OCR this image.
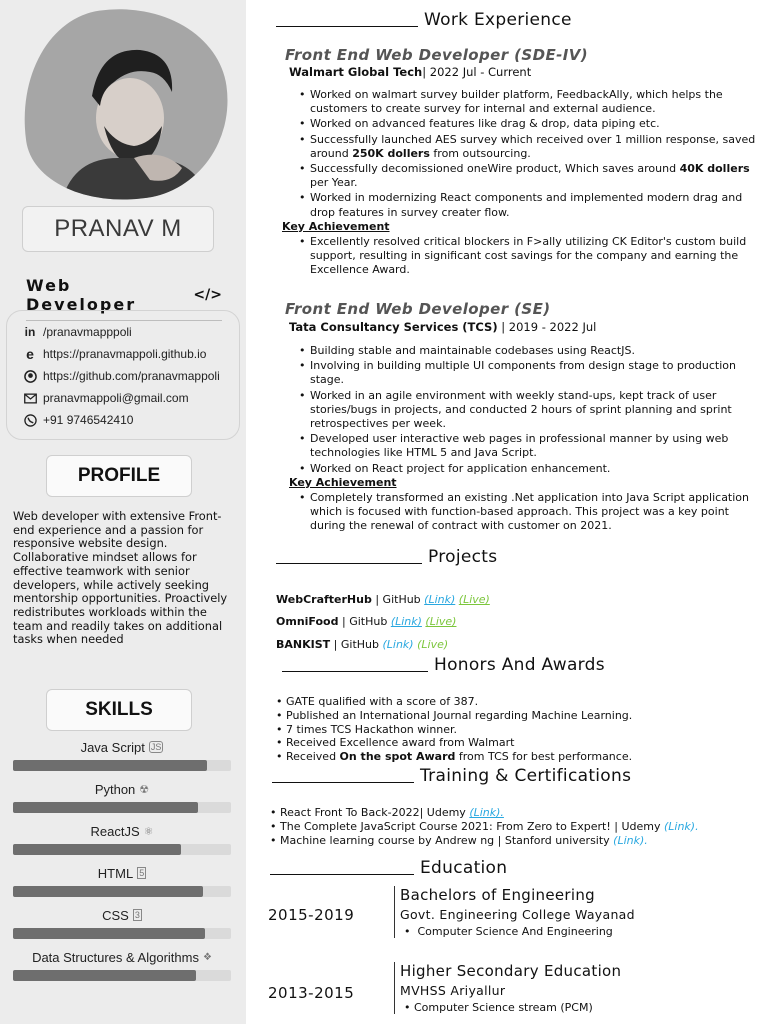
PRANAV M
Web Developer	</>
in /pranavmapppoli
e https://pranavmappoli.github.io
https://github.com/pranavmappoli
pranavmappoli@gmail.com
+91 9746542410
PROFILE
Web developer with extensive Front-end experience and a passion for responsive website design. Collaborative mindset allows for effective teamwork with senior developers, while actively seeking mentorship opportunities. Proactively redistributes workloads within the team and readily takes on additional tasks when needed
SKILLS
Java Script JS
Python ☢
ReactJS ⚛
HTML 5
CSS 3
Data Structures & Algorithms ❖
Work Experience
Front End Web Developer (SDE-IV)
Walmart Global Tech| 2022 Jul - Current
• Worked on walmart survey builder platform, FeedbackAlly, which helps the customers to create survey for internal and external audience.
• Worked on advanced features like drag & drop, data piping etc.
• Successfully launched AES survey which received over 1 million response, saved around 250K dollers from outsourcing.
• Successfully decomissioned oneWire product, Which saves around 40K dollers per Year.
• Worked in modernizing React components and implemented modern drag and drop features in survey creater flow.
Key Achievement
• Excellently resolved critical blockers in F>ally utilizing CK Editor's custom build support, resulting in significant cost savings for the company and earning the Excellence Award.
Front End Web Developer (SE)
Tata Consultancy Services (TCS) | 2019 - 2022 Jul
• Building stable and maintainable codebases using ReactJS.
• Involving in building multiple UI components from design stage to production stage.
• Worked in an agile environment with weekly stand-ups, kept track of user stories/bugs in projects, and conducted 2 hours of sprint planning and sprint retrospectives per week.
• Developed user interactive web pages in professional manner by using web technologies like HTML 5 and Java Script.
• Worked on React project for application enhancement.
Key Achievement
• Completely transformed an existing .Net application into Java Script application which is focused with function-based approach. This project was a key point during the renewal of contract with customer on 2021.
Projects
WebCrafterHub | GitHub (Link) (Live)
OmniFood | GitHub (Link) (Live)
BANKIST | GitHub (Link) (Live)
Honors And Awards
• GATE qualified with a score of 387.
• Published an International Journal regarding Machine Learning.
• 7 times TCS Hackathon winner.
• Received Excellence award from Walmart
• Received On the spot Award from TCS for best performance.
Training & Certifications
• React Front To Back-2022| Udemy (Link).
• The Complete JavaScript Course 2021: From Zero to Expert! | Udemy (Link).
• Machine learning course by Andrew ng | Stanford university (Link).
Education
2015-2019
Bachelors of Engineering
Govt. Engineering College Wayanad
•  Computer Science And Engineering
2013-2015
Higher Secondary Education
MVHSS Ariyallur
• Computer Science stream (PCM)
